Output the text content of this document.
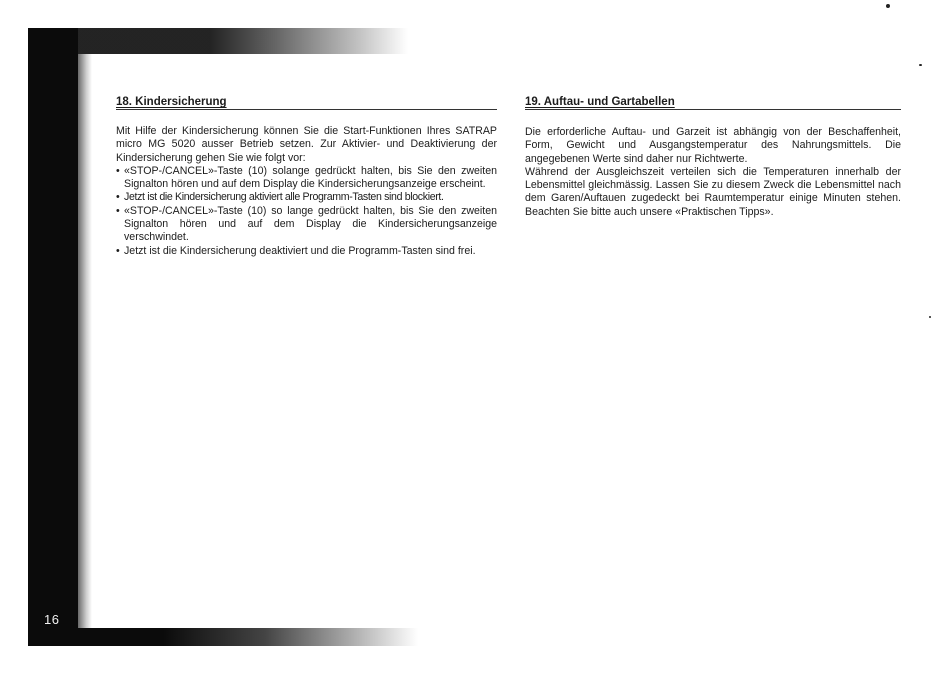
16
18. Kindersicherung

Mit Hilfe der Kindersicherung können Sie die Start-Funktionen Ihres SATRAP micro MG 5020 ausser Betrieb setzen. Zur Aktivier- und Deaktivierung der Kindersicherung gehen Sie wie folgt vor:

• «STOP-/CANCEL»-Taste (10) solange gedrückt halten, bis Sie den zweiten Signalton hören und auf dem Display die Kindersicherungsanzeige erscheint.
• Jetzt ist die Kindersicherung aktiviert alle Programm-Tasten sind blockiert.
• «STOP-/CANCEL»-Taste (10) so lange gedrückt halten, bis Sie den zweiten Signalton hören und auf dem Display die Kindersicherungsanzeige verschwindet.
• Jetzt ist die Kindersicherung deaktiviert und die Programm-Tasten sind frei.
19. Auftau- und Gartabellen

Die erforderliche Auftau- und Garzeit ist abhängig von der Beschaffenheit, Form, Gewicht und Ausgangstemperatur des Nahrungsmittels. Die angegebenen Werte sind daher nur Richtwerte.

Während der Ausgleichszeit verteilen sich die Temperaturen innerhalb der Lebensmittel gleichmässig. Lassen Sie zu diesem Zweck die Lebensmittel nach dem Garen/Auftauen zugedeckt bei Raumtemperatur einige Minuten stehen. Beachten Sie bitte auch unsere «Praktischen Tipps».
